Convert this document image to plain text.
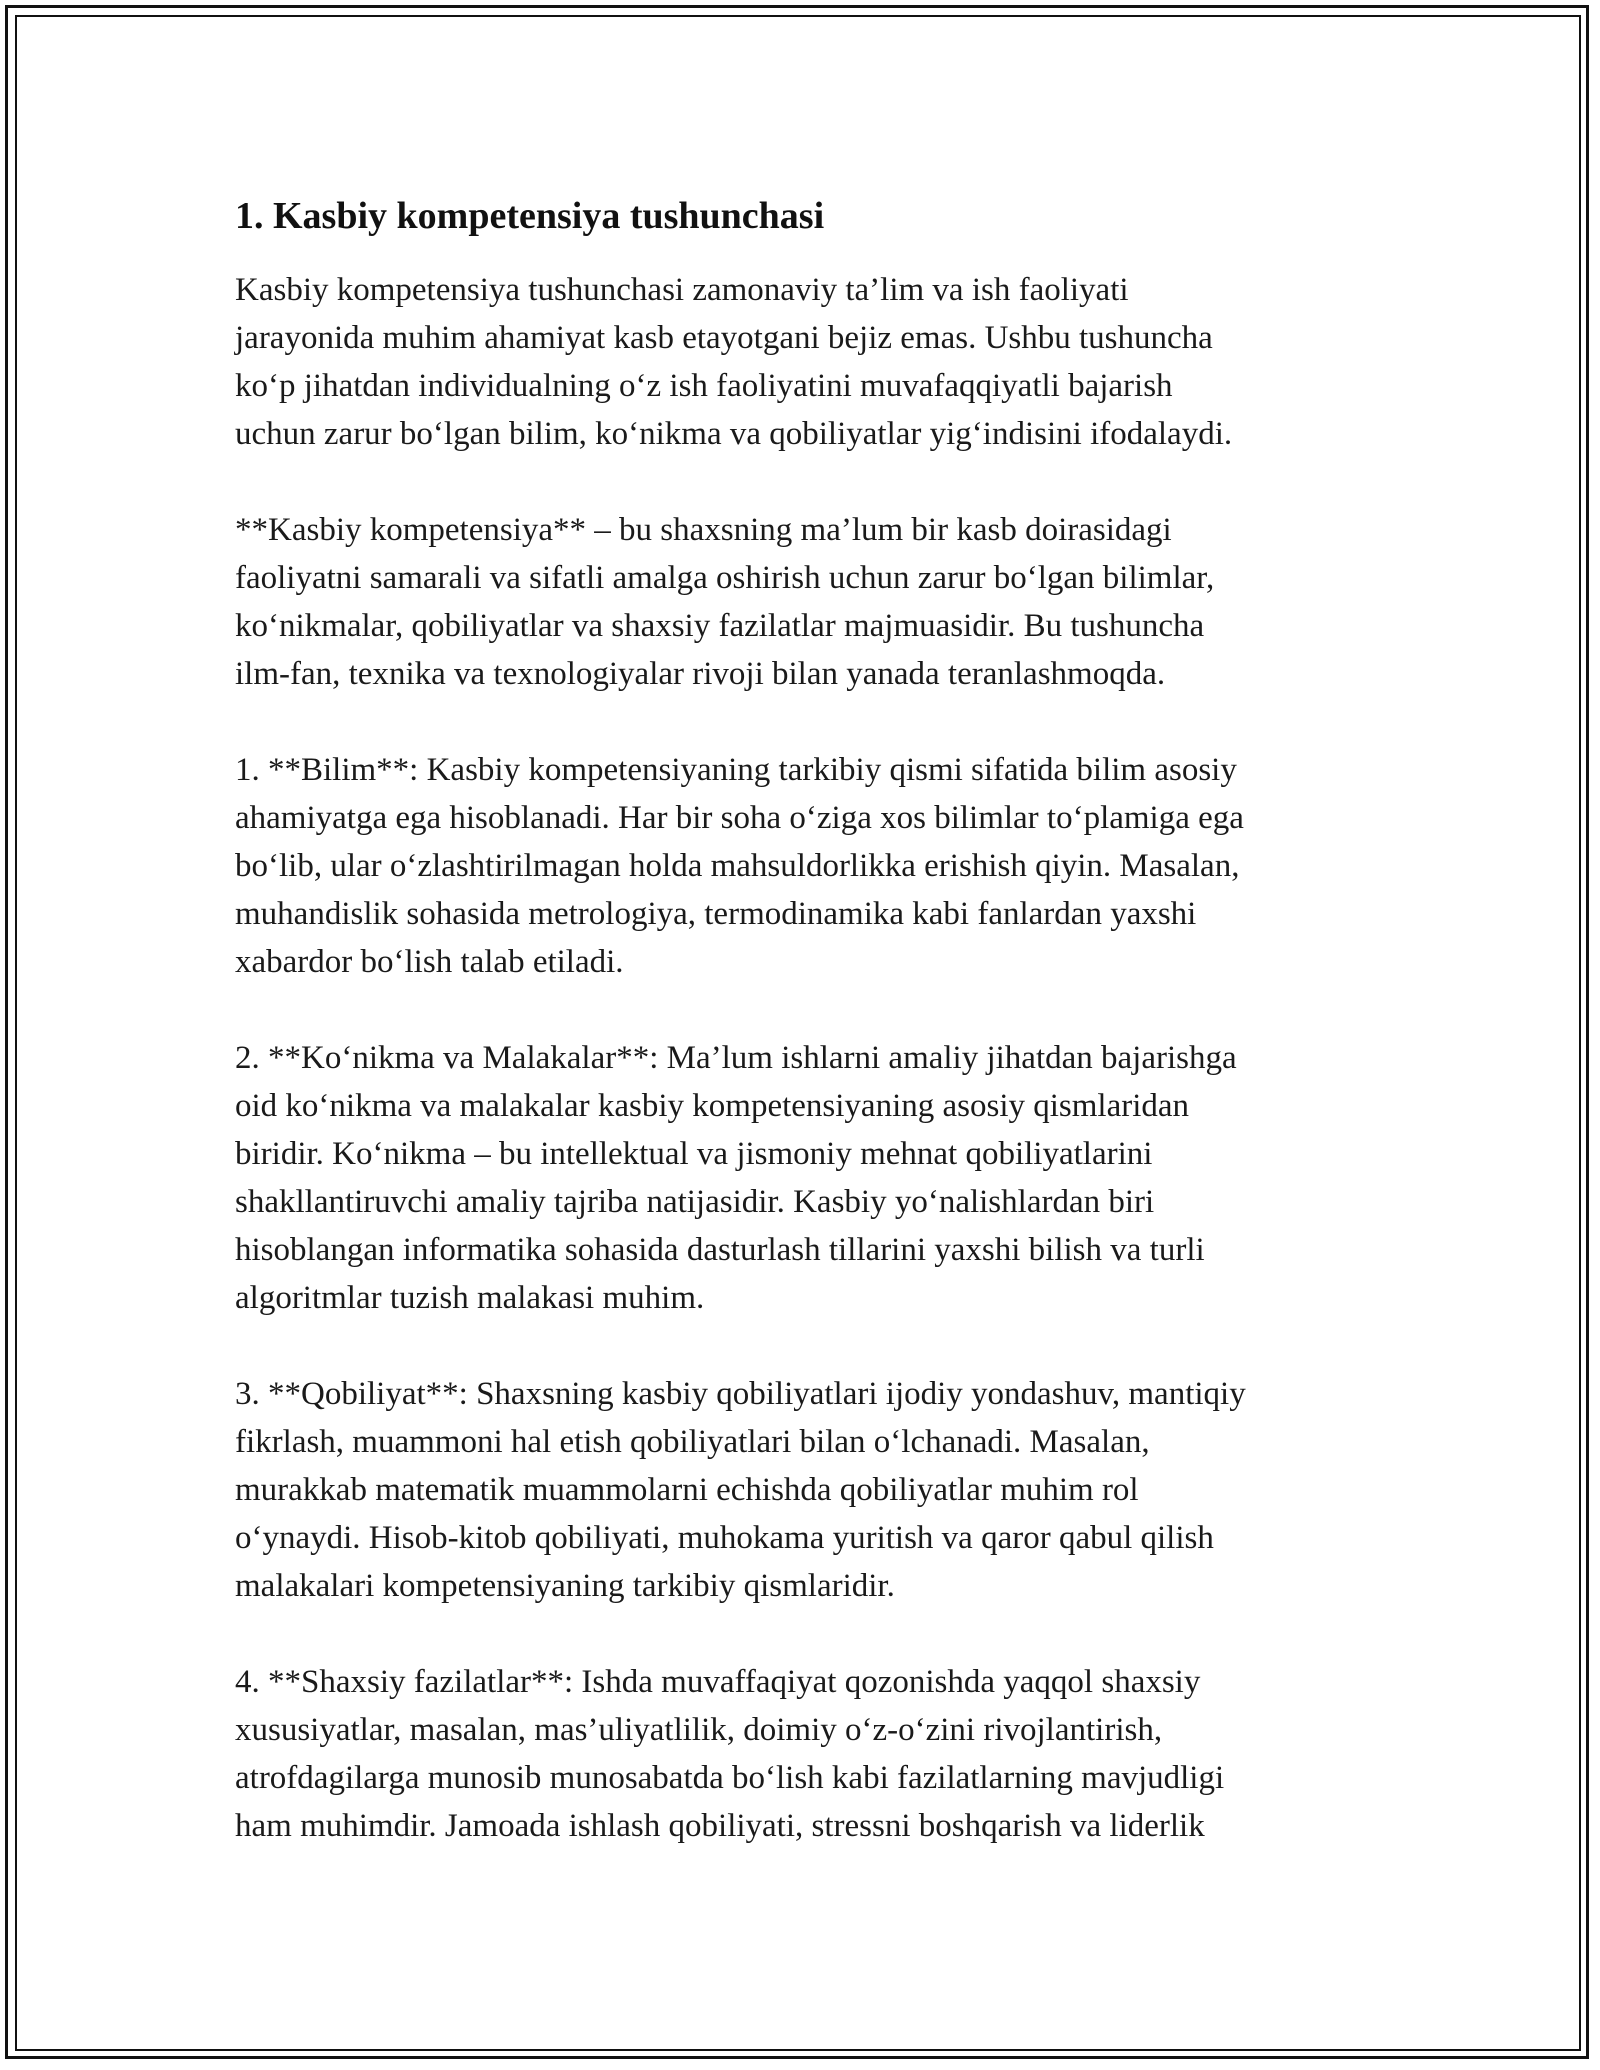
1. Kasbiy kompetensiya tushunchasi

Kasbiy kompetensiya tushunchasi zamonaviy ta’lim va ish faoliyati
jarayonida muhim ahamiyat kasb etayotgani bejiz emas. Ushbu tushuncha
ko‘p jihatdan individualning o‘z ish faoliyatini muvafaqqiyatli bajarish
uchun zarur bo‘lgan bilim, ko‘nikma va qobiliyatlar yig‘indisini ifodalaydi.

**Kasbiy kompetensiya** – bu shaxsning ma’lum bir kasb doirasidagi
faoliyatni samarali va sifatli amalga oshirish uchun zarur bo‘lgan bilimlar,
ko‘nikmalar, qobiliyatlar va shaxsiy fazilatlar majmuasidir. Bu tushuncha
ilm-fan, texnika va texnologiyalar rivoji bilan yanada teranlashmoqda.

1. **Bilim**: Kasbiy kompetensiyaning tarkibiy qismi sifatida bilim asosiy
ahamiyatga ega hisoblanadi. Har bir soha o‘ziga xos bilimlar to‘plamiga ega
bo‘lib, ular o‘zlashtirilmagan holda mahsuldorlikka erishish qiyin. Masalan,
muhandislik sohasida metrologiya, termodinamika kabi fanlardan yaxshi
xabardor bo‘lish talab etiladi.

2. **Ko‘nikma va Malakalar**: Ma’lum ishlarni amaliy jihatdan bajarishga
oid ko‘nikma va malakalar kasbiy kompetensiyaning asosiy qismlaridan
biridir. Ko‘nikma – bu intellektual va jismoniy mehnat qobiliyatlarini
shakllantiruvchi amaliy tajriba natijasidir. Kasbiy yo‘nalishlardan biri
hisoblangan informatika sohasida dasturlash tillarini yaxshi bilish va turli
algoritmlar tuzish malakasi muhim.

3. **Qobiliyat**: Shaxsning kasbiy qobiliyatlari ijodiy yondashuv, mantiqiy
fikrlash, muammoni hal etish qobiliyatlari bilan o‘lchanadi. Masalan,
murakkab matematik muammolarni echishda qobiliyatlar muhim rol
o‘ynaydi. Hisob-kitob qobiliyati, muhokama yuritish va qaror qabul qilish
malakalari kompetensiyaning tarkibiy qismlaridir.

4. **Shaxsiy fazilatlar**: Ishda muvaffaqiyat qozonishda yaqqol shaxsiy
xususiyatlar, masalan, mas’uliyatlilik, doimiy o‘z-o‘zini rivojlantirish,
atrofdagilarga munosib munosabatda bo‘lish kabi fazilatlarning mavjudligi
ham muhimdir. Jamoada ishlash qobiliyati, stressni boshqarish va liderlik
